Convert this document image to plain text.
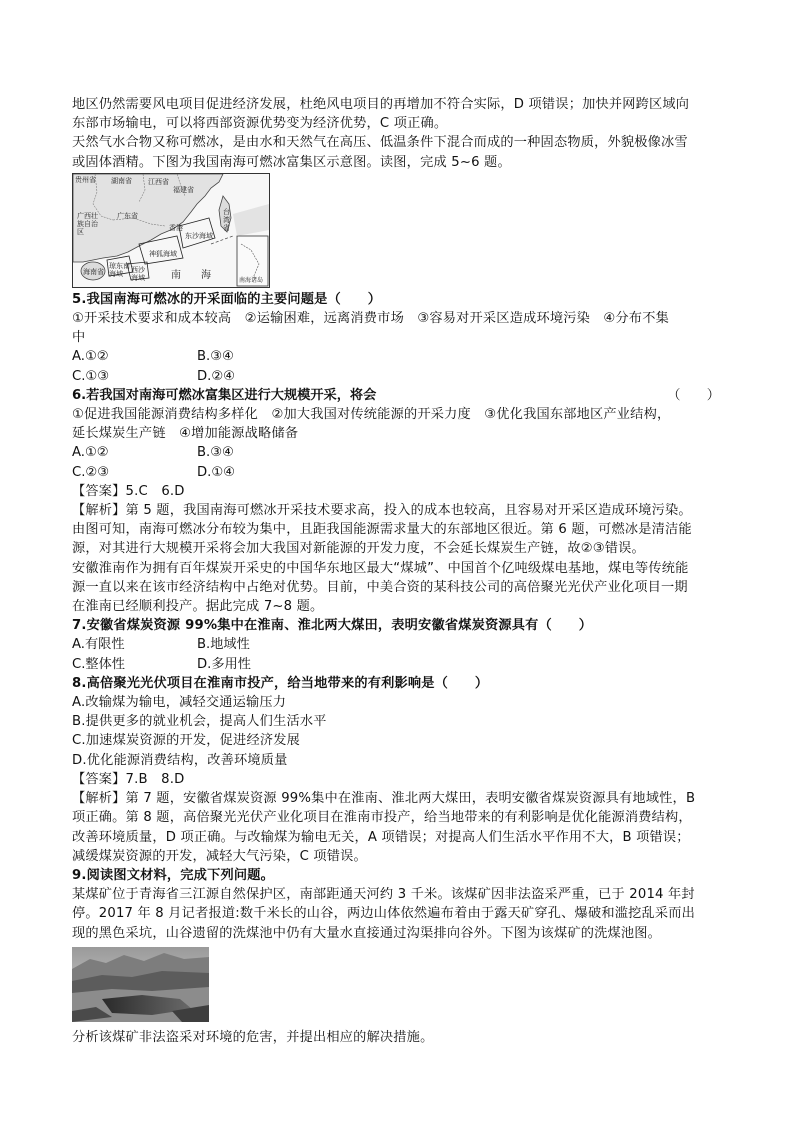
地区仍然需要风电项目促进经济发展，杜绝风电项目的再增加不符合实际，D 项错误；加快并网跨区域向

东部市场输电，可以将西部资源优势变为经济优势，C 项正确。

天然气水合物又称可燃冰，是由水和天然气在高压、低温条件下混合而成的一种固态物质，外貌极像冰雪

或固体酒精。下图为我国南海可燃冰富集区示意图。读图，完成 5~6 题。

贵州省 湖南省 江西省
福建省
广西壮族自治区
广东省
香港
台湾省
东沙海域
神狐海域
琼东南海域	西沙海域
海南省	南 海	南海诸岛

5.我国南海可燃冰的开采面临的主要问题是（　　）

①开采技术要求和成本较高　②运输困难，远离消费市场　③容易对开采区造成环境污染　④分布不集

中

A.①②	B.③④
C.①③	D.②④
6.若我国对南海可燃冰富集区进行大规模开采，将会	（　　）

①促进我国能源消费结构多样化　②加大我国对传统能源的开采力度　③优化我国东部地区产业结构，

延长煤炭生产链　④增加能源战略储备

A.①②	B.③④
C.②③	D.①④

【答案】5.C　6.D

【解析】第 5 题，我国南海可燃冰开采技术要求高，投入的成本也较高，且容易对开采区造成环境污染。

由图可知，南海可燃冰分布较为集中，且距我国能源需求量大的东部地区很近。第 6 题，可燃冰是清洁能

源，对其进行大规模开采将会加大我国对新能源的开发力度，不会延长煤炭生产链，故②③错误。

安徽淮南作为拥有百年煤炭开采史的中国华东地区最大“煤城”、中国首个亿吨级煤电基地，煤电等传统能

源一直以来在该市经济结构中占绝对优势。目前，中美合资的某科技公司的高倍聚光光伏产业化项目一期

在淮南已经顺利投产。据此完成 7~8 题。

7.安徽省煤炭资源 99%集中在淮南、淮北两大煤田，表明安徽省煤炭资源具有（　　）

A.有限性	B.地域性
C.整体性	D.多用性

8.高倍聚光光伏项目在淮南市投产，给当地带来的有利影响是（　　）

A.改输煤为输电，减轻交通运输压力

B.提供更多的就业机会，提高人们生活水平

C.加速煤炭资源的开发，促进经济发展

D.优化能源消费结构，改善环境质量

【答案】7.B　8.D

【解析】第 7 题，安徽省煤炭资源 99%集中在淮南、淮北两大煤田，表明安徽省煤炭资源具有地域性，B

项正确。第 8 题，高倍聚光光伏产业化项目在淮南市投产，给当地带来的有利影响是优化能源消费结构，

改善环境质量，D 项正确。与改输煤为输电无关，A 项错误；对提高人们生活水平作用不大，B 项错误；

减缓煤炭资源的开发，减轻大气污染，C 项错误。

9.阅读图文材料，完成下列问题。

某煤矿位于青海省三江源自然保护区，南部距通天河约 3 千米。该煤矿因非法盗采严重，已于 2014 年封

停。2017 年 8 月记者报道:数千米长的山谷，两边山体依然遍布着由于露天矿穿孔、爆破和滥挖乱采而出

现的黑色采坑，山谷遗留的洗煤池中仍有大量水直接通过沟渠排向谷外。下图为该煤矿的洗煤池图。

分析该煤矿非法盗采对环境的危害，并提出相应的解决措施。
